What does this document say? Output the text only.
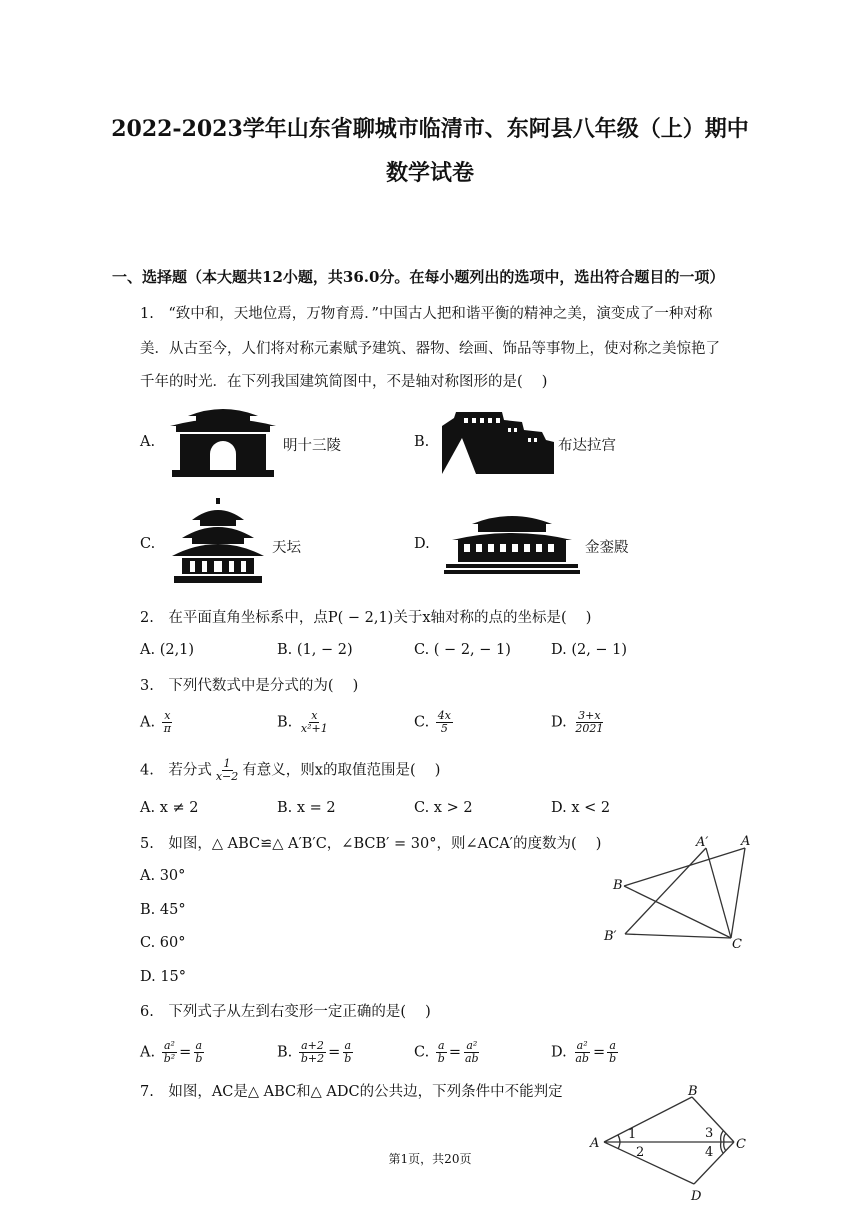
2022-2023学年山东省聊城市临清市、东阿县八年级（上）期中
数学试卷
一、选择题（本大题共12小题，共36.0分。在每小题列出的选项中，选出符合题目的一项）
1.　“致中和，天地位焉，万物育焉．”中国古人把和谐平衡的精神之美，演变成了一种对称
美．从古至今，人们将对称元素赋予建筑、器物、绘画、饰品等事物上，使对称之美惊艳了
千年的时光．在下列我国建筑简图中，不是轴对称图形的是(　 )
A.	明十三陵	B.	布达拉宫
C.	天坛	D.	金銮殿
2.　在平面直角坐标系中，点P( − 2,1)关于x轴对称的点的坐标是(　 )
A. (2,1)	B. (1, − 2)	C. ( − 2, − 1)	D. (2, − 1)
3.　下列代数式中是分式的为(　 )
A. $\frac{x}{\pi}$	B. $\frac{x}{\text{x²+1}}$	C. $\frac{4x}{5}$	D. $\frac{3+x}{2021}$
4.　若分式 $\frac{1}{x-2}$ 有意义，则x的取值范围是(　 )
A. x ≠ 2	B. x = 2	C. x > 2	D. x < 2
5.　如图，△ ABC≌△ A′B′C，∠BCB′ = 30°，则∠ACA′的度数为(　 )
A. 30°
B. 45°
C. 60°
D. 15°
A′	A
B
B′
C
6.　下列式子从左到右变形一定正确的是(　 )
A. $\frac{\text{a²}}{\text{b²}} = \frac{a}{b}$	B. $\frac{a+2}{b+2} = \frac{a}{b}$	C. $\frac{a}{b} = \frac{\text{a²}}{ab}$	D. $\frac{\text{a²}}{ab} = \frac{a}{b}$
7.　如图，AC是△ ABC和△ ADC的公共边，下列条件中不能判定	B
A	C
D
1
2
3
4
第1页，共20页
